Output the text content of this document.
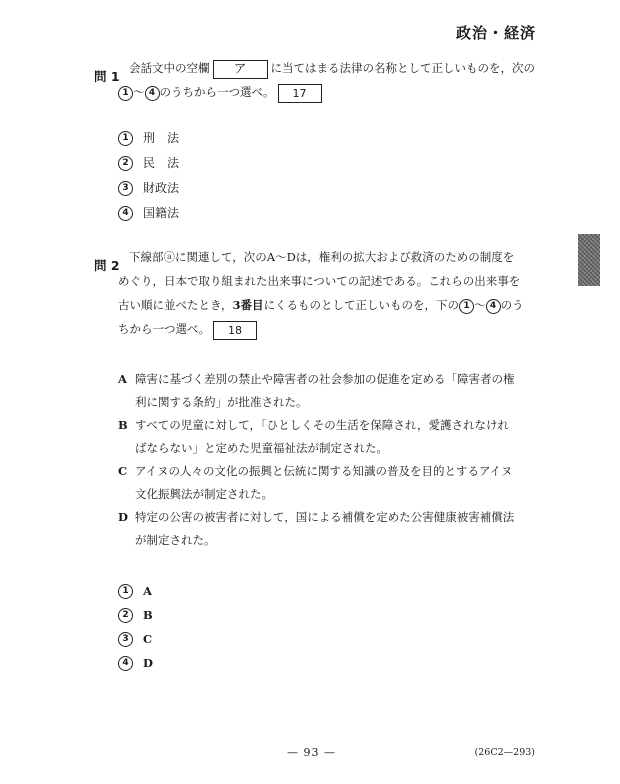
政治・経済
問 1
会話文中の空欄 ア に当てはまる法律の名称として正しいものを，次の
1 ～ 4 のうちから一つ選べ。 17
1 刑　法
2 民　法
3 財政法
4 国籍法
問 2
下線部ⓐに関連して，次のA～Dは，権利の拡大および救済のための制度を
めぐり，日本で取り組まれた出来事についての記述である。これらの出来事を
古い順に並べたとき，3番目にくるものとして正しいものを，下の 1 ～ 4 のう
ちから一つ選べ。 18
A 障害に基づく差別の禁止や障害者の社会参加の促進を定める「障害者の権
利に関する条約」が批准された。
B すべての児童に対して，「ひとしくその生活を保障され，愛護されなけれ
ばならない」と定めた児童福祉法が制定された。
C アイヌの人々の文化の振興と伝統に関する知識の普及を目的とするアイヌ
文化振興法が制定された。
D 特定の公害の被害者に対して，国による補償を定めた公害健康被害補償法
が制定された。
1 A
2 B
3 C
4 D
— 93 —	(26C2—293)
